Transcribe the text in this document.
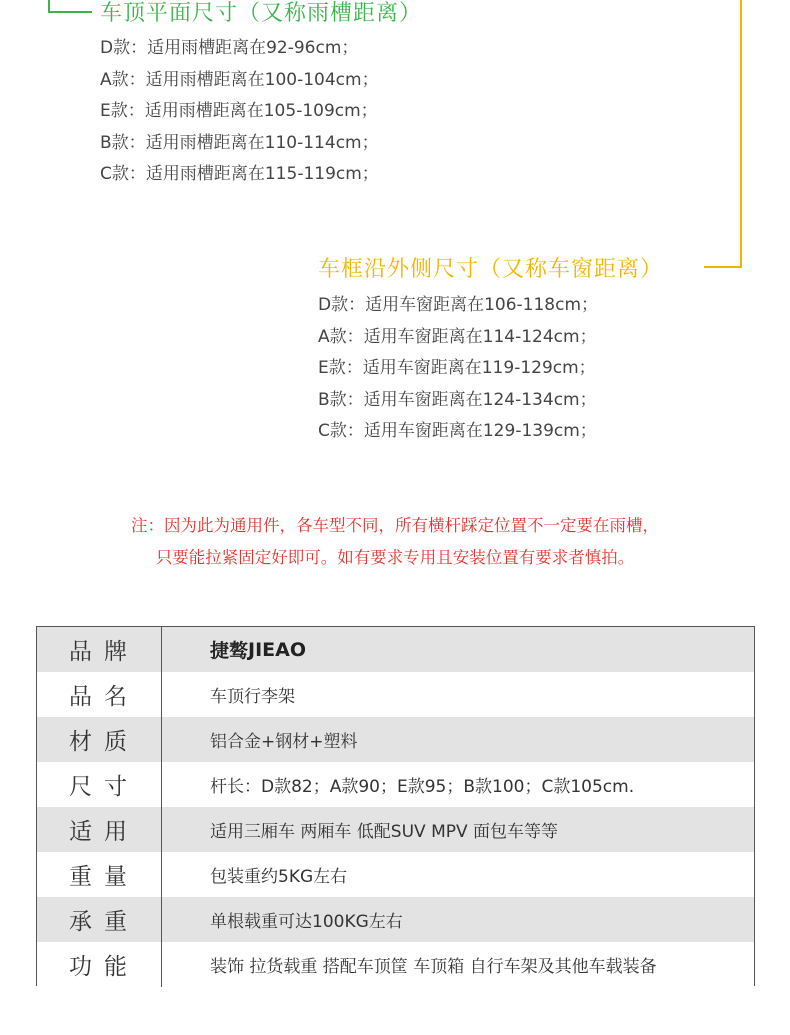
车顶平面尺寸（又称雨槽距离）
D款：适用雨槽距离在92-96cm；
A款：适用雨槽距离在100-104cm；
E款：适用雨槽距离在105-109cm；
B款：适用雨槽距离在110-114cm；
C款：适用雨槽距离在115-119cm；
车框沿外侧尺寸（又称车窗距离）
D款：适用车窗距离在106-118cm；
A款：适用车窗距离在114-124cm；
E款：适用车窗距离在119-129cm；
B款：适用车窗距离在124-134cm；
C款：适用车窗距离在129-139cm；
注：因为此为通用件，各车型不同，所有横杆踩定位置不一定要在雨槽，
只要能拉紧固定好即可。如有要求专用且安装位置有要求者慎拍。
品牌	捷骜 JIEAO
品名	车顶行李架
材质	铝合金+钢材+塑料
尺寸	杆长：D款82；A款90；E款95；B款100；C款105cm.
适用	适用三厢车 两厢车 低配SUV MPV 面包车等等
重量	包装重约5KG左右
承重	单根载重可达100KG左右
功能	装饰 拉货载重 搭配车顶筐 车顶箱 自行车架及其他车载装备
